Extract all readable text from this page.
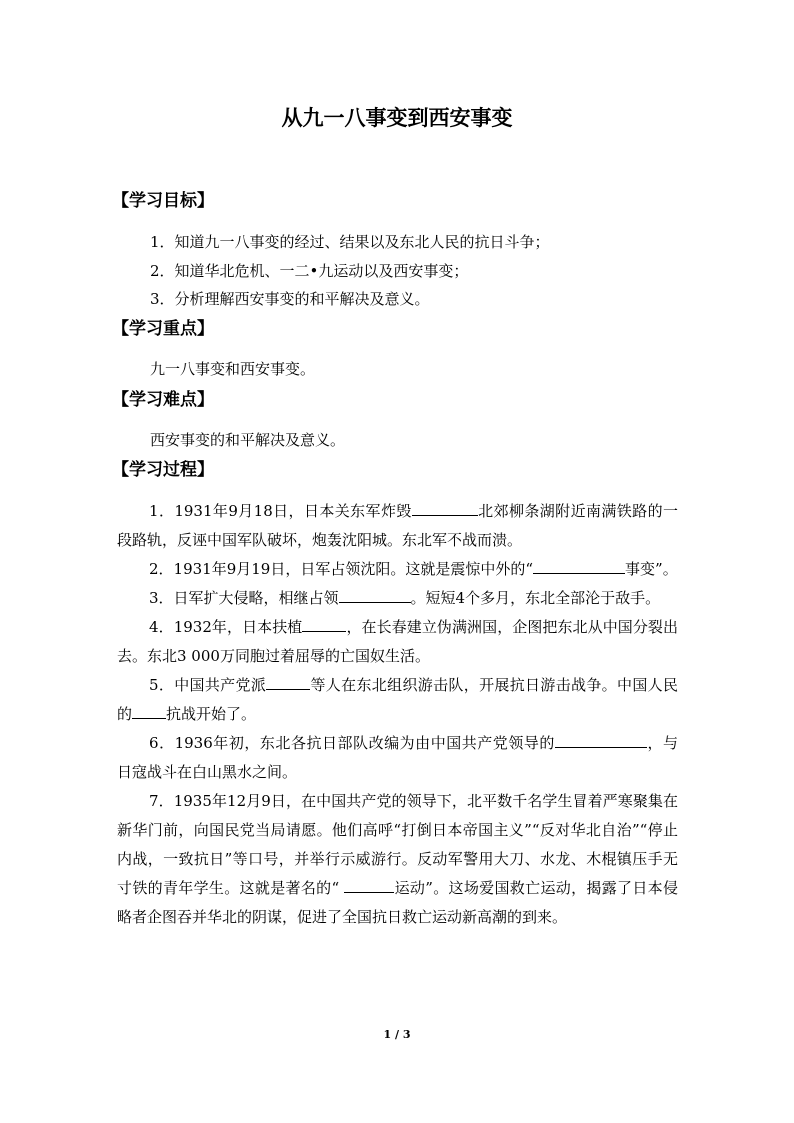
从九一八事变到西安事变
【学习目标】
1．知道九一八事变的经过、结果以及东北人民的抗日斗争；
2．知道华北危机、一二•九运动以及西安事变；
3．分析理解西安事变的和平解决及意义。
【学习重点】
九一八事变和西安事变。
【学习难点】
西安事变的和平解决及意义。
【学习过程】

1．1931年9月18日，日本关东军炸毁	北郊柳条湖附近南满铁路的一段路轨，反诬中国军队破坏，炮轰沈阳城。东北军不战而溃。

2．1931年9月19日，日军占领沈阳。这就是震惊中外的“	事变”。

3．日军扩大侵略，相继占领	。短短4个多月，东北全部沦于敌手。

4．1932年，日本扶植	，在长春建立伪满洲国，企图把东北从中国分裂出去。东北3 000万同胞过着屈辱的亡国奴生活。

5．中国共产党派	等人在东北组织游击队，开展抗日游击战争。中国人民的 抗战开始了。

6．1936年初，东北各抗日部队改编为由中国共产党领导的	，与日寇战斗在白山黑水之间。

7．1935年12月9日，在中国共产党的领导下，北平数千名学生冒着严寒聚集在新华门前，向国民党当局请愿。他们高呼“打倒日本帝国主义”“反对华北自治”“停止内战，一致抗日”等口号，并举行示威游行。反动军警用大刀、水龙、木棍镇压手无寸铁的青年学生。这就是著名的“	运动”。这场爱国救亡运动，揭露了日本侵略者企图吞并华北的阴谋，促进了全国抗日救亡运动新高潮的到来。

1 / 3
